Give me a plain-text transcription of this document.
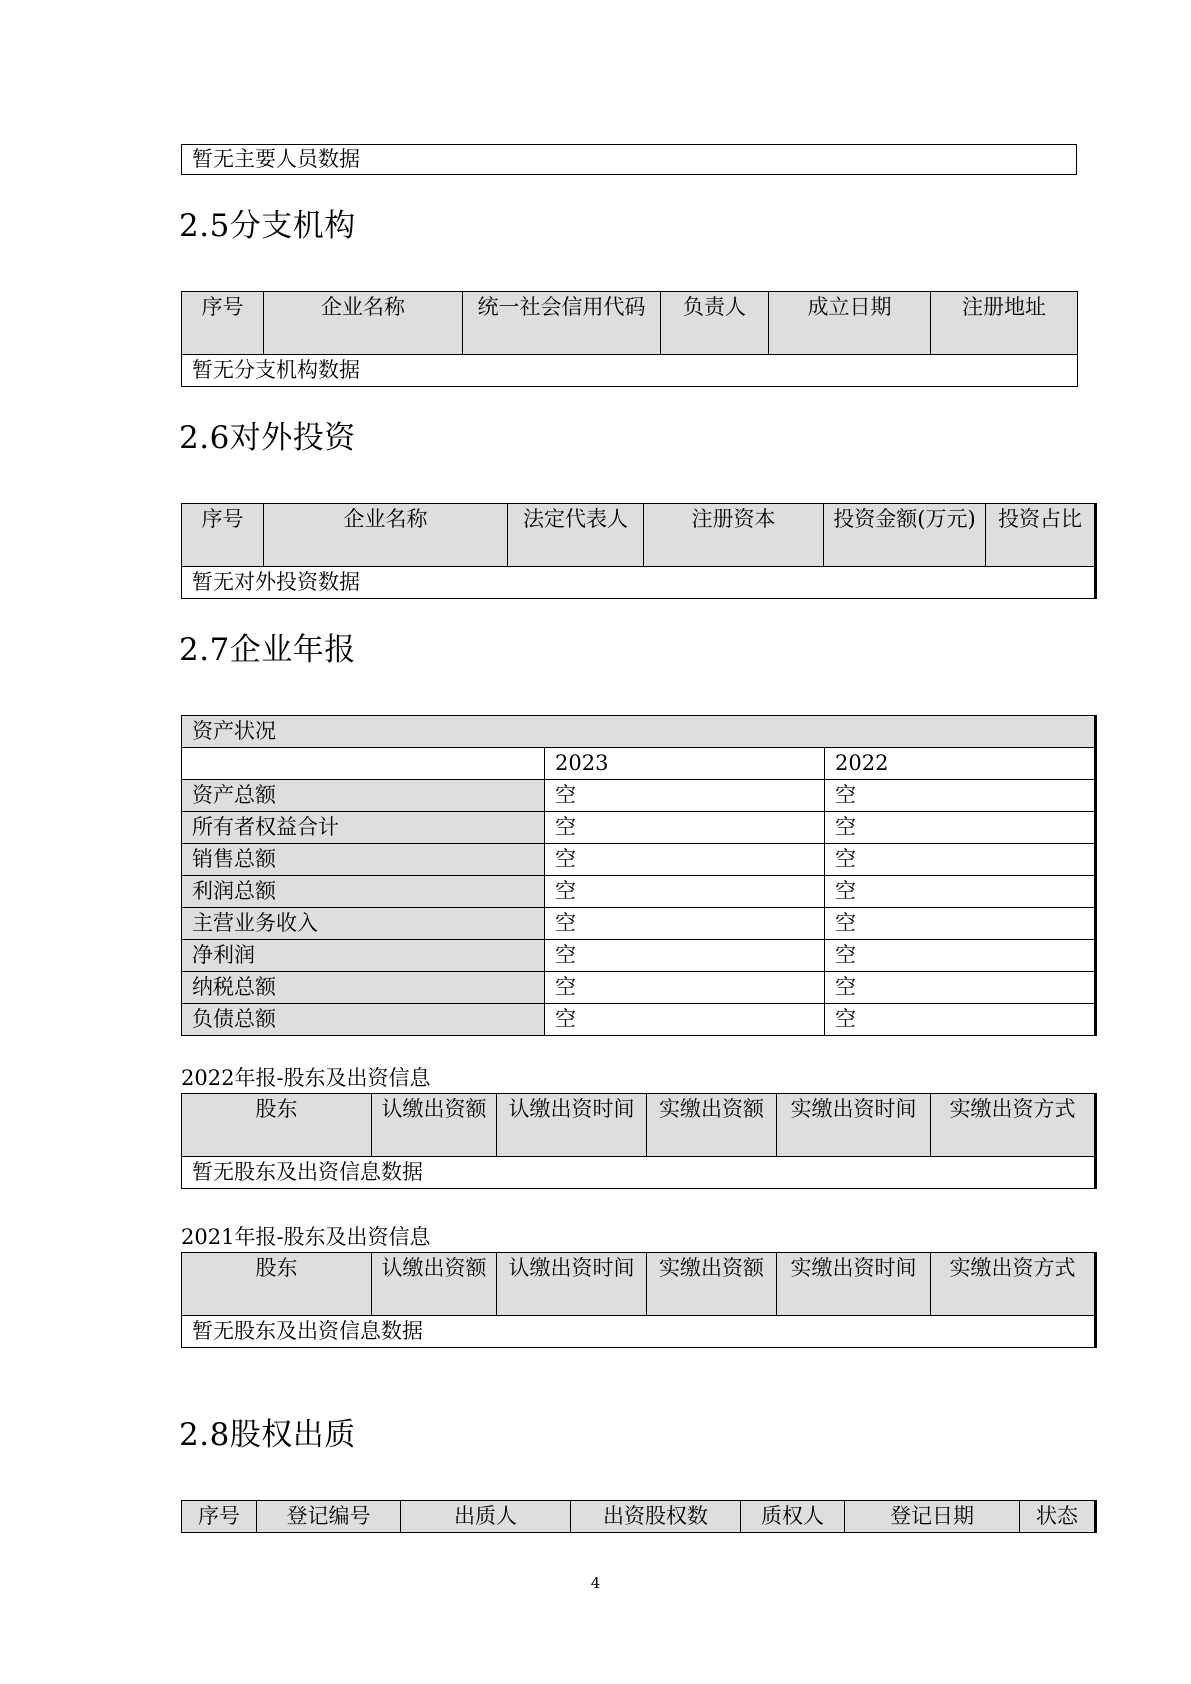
暂无主要人员数据
2.5分支机构
序号	企业名称	统一社会信用代码	负责人	成立日期	注册地址
暂无分支机构数据
2.6对外投资
序号	企业名称	法定代表人	注册资本	投资金额(万元)	投资占比
暂无对外投资数据
2.7企业年报
资产状况		
	2023	2022
资产总额	空	空
所有者权益合计	空	空
销售总额	空	空
利润总额	空	空
主营业务收入	空	空
净利润	空	空
纳税总额	空	空
负债总额	空	空
2022年报-股东及出资信息
股东	认缴出资额	认缴出资时间	实缴出资额	实缴出资时间	实缴出资方式
暂无股东及出资信息数据
2021年报-股东及出资信息
股东	认缴出资额	认缴出资时间	实缴出资额	实缴出资时间	实缴出资方式
暂无股东及出资信息数据
2.8股权出质
序号	登记编号	出质人	出资股权数	质权人	登记日期	状态
4
